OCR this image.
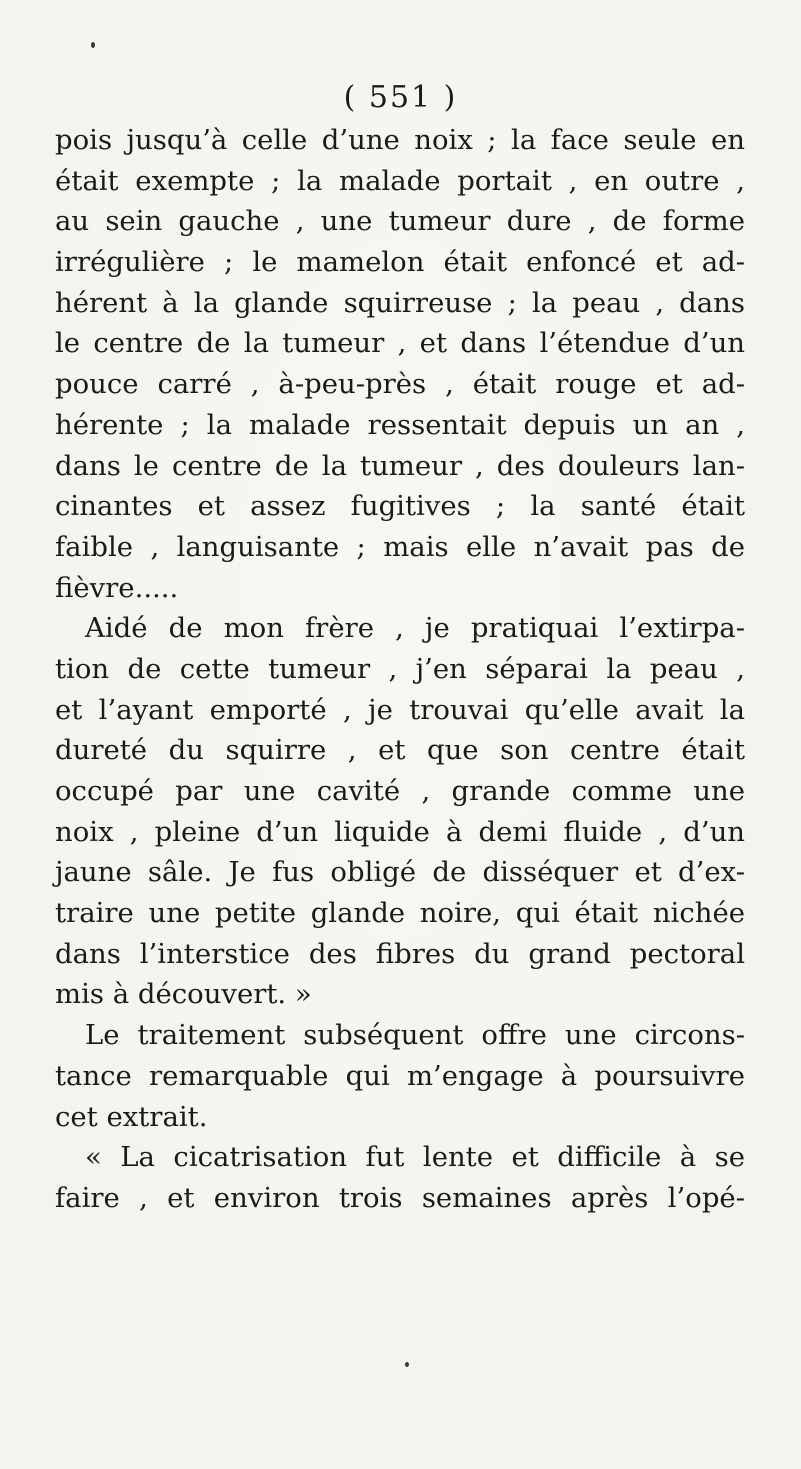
( 551 )
pois jusqu’à celle d’une noix ; la face seule en
était exempte ; la malade portait , en outre ,
au sein gauche , une tumeur dure , de forme
irrégulière ; le mamelon était enfoncé et ad-
hérent à la glande squirreuse ; la peau , dans
le centre de la tumeur , et dans l’étendue d’un
pouce carré , à-peu-près , était rouge et ad-
hérente ; la malade ressentait depuis un an ,
dans le centre de la tumeur , des douleurs lan-
cinantes et assez fugitives ; la santé était
faible , languisante ; mais elle n’avait pas de
fièvre.....
Aidé de mon frère , je pratiquai l’extirpa-
tion de cette tumeur , j’en séparai la peau ,
et l’ayant emporté , je trouvai qu’elle avait la
dureté du squirre , et que son centre était
occupé par une cavité , grande comme une
noix , pleine d’un liquide à demi fluide , d’un
jaune sâle. Je fus obligé de disséquer et d’ex-
traire une petite glande noire, qui était nichée
dans l’interstice des fibres du grand pectoral
mis à découvert. »
Le traitement subséquent offre une circons-
tance remarquable qui m’engage à poursuivre
cet extrait.
« La cicatrisation fut lente et difficile à se
faire , et environ trois semaines après l’opé-
